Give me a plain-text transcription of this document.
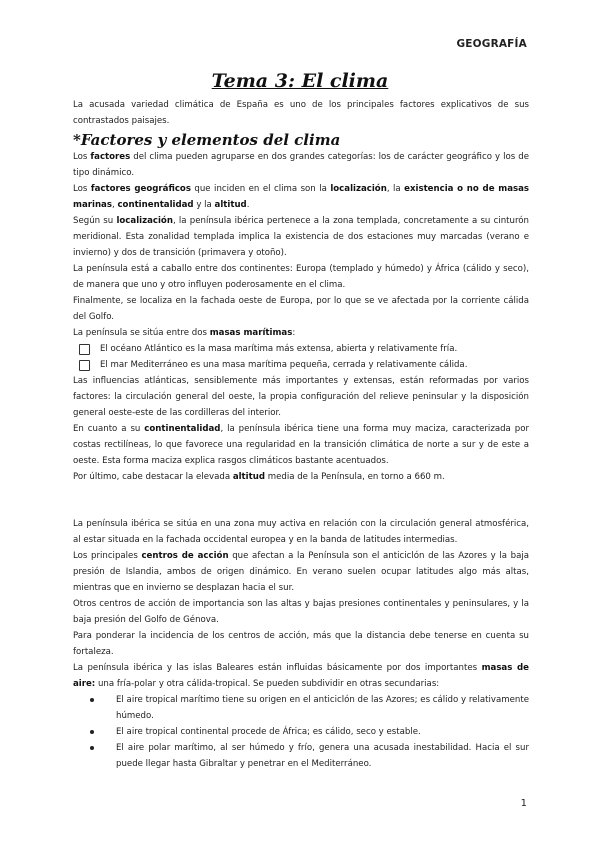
GEOGRAFÍA
Tema 3: El clima

La acusada variedad climática de España es uno de los principales factores explicativos de sus contrastados paisajes.

*Factores y elementos del clima

Los factores del clima pueden agruparse en dos grandes categorías: los de carácter geográfico y los de tipo dinámico.

Los factores geográficos que inciden en el clima son la localización, la existencia o no de masas marinas, continentalidad y la altitud.

Según su localización, la península ibérica pertenece a la zona templada, concretamente a su cinturón meridional. Esta zonalidad templada implica la existencia de dos estaciones muy marcadas (verano e invierno) y dos de transición (primavera y otoño).

La península está a caballo entre dos continentes: Europa (templado y húmedo) y África (cálido y seco), de manera que uno y otro influyen poderosamente en el clima.

Finalmente, se localiza en la fachada oeste de Europa, por lo que se ve afectada por la corriente cálida del Golfo.

La península se sitúa entre dos masas marítimas:

El océano Atlántico es la masa marítima más extensa, abierta y relativamente fría.
El mar Mediterráneo es una masa marítima pequeña, cerrada y relativamente cálida.

Las influencias atlánticas, sensiblemente más importantes y extensas, están reformadas por varios factores: la circulación general del oeste, la propia configuración del relieve peninsular y la disposición general oeste-este de las cordilleras del interior.

En cuanto a su continentalidad, la península ibérica tiene una forma muy maciza, caracterizada por costas rectilíneas, lo que favorece una regularidad en la transición climática de norte a sur y de este a oeste. Esta forma maciza explica rasgos climáticos bastante acentuados.

Por último, cabe destacar la elevada altitud media de la Península, en torno a 660 m.

La península ibérica se sitúa en una zona muy activa en relación con la circulación general atmosférica, al estar situada en la fachada occidental europea y en la banda de latitudes intermedias.

Los principales centros de acción que afectan a la Península son el anticiclón de las Azores y la baja presión de Islandia, ambos de origen dinámico. En verano suelen ocupar latitudes algo más altas, mientras que en invierno se desplazan hacia el sur.

Otros centros de acción de importancia son las altas y bajas presiones continentales y peninsulares, y la baja presión del Golfo de Génova.

Para ponderar la incidencia de los centros de acción, más que la distancia debe tenerse en cuenta su fortaleza.

La península ibérica y las islas Baleares están influidas básicamente por dos importantes masas de aire: una fría-polar y otra cálida-tropical. Se pueden subdividir en otras secundarias:

El aire tropical marítimo tiene su origen en el anticiclón de las Azores; es cálido y relativamente húmedo.
El aire tropical continental procede de África; es cálido, seco y estable.
El aire polar marítimo, al ser húmedo y frío, genera una acusada inestabilidad. Hacia el sur puede llegar hasta Gibraltar y penetrar en el Mediterráneo.
1
